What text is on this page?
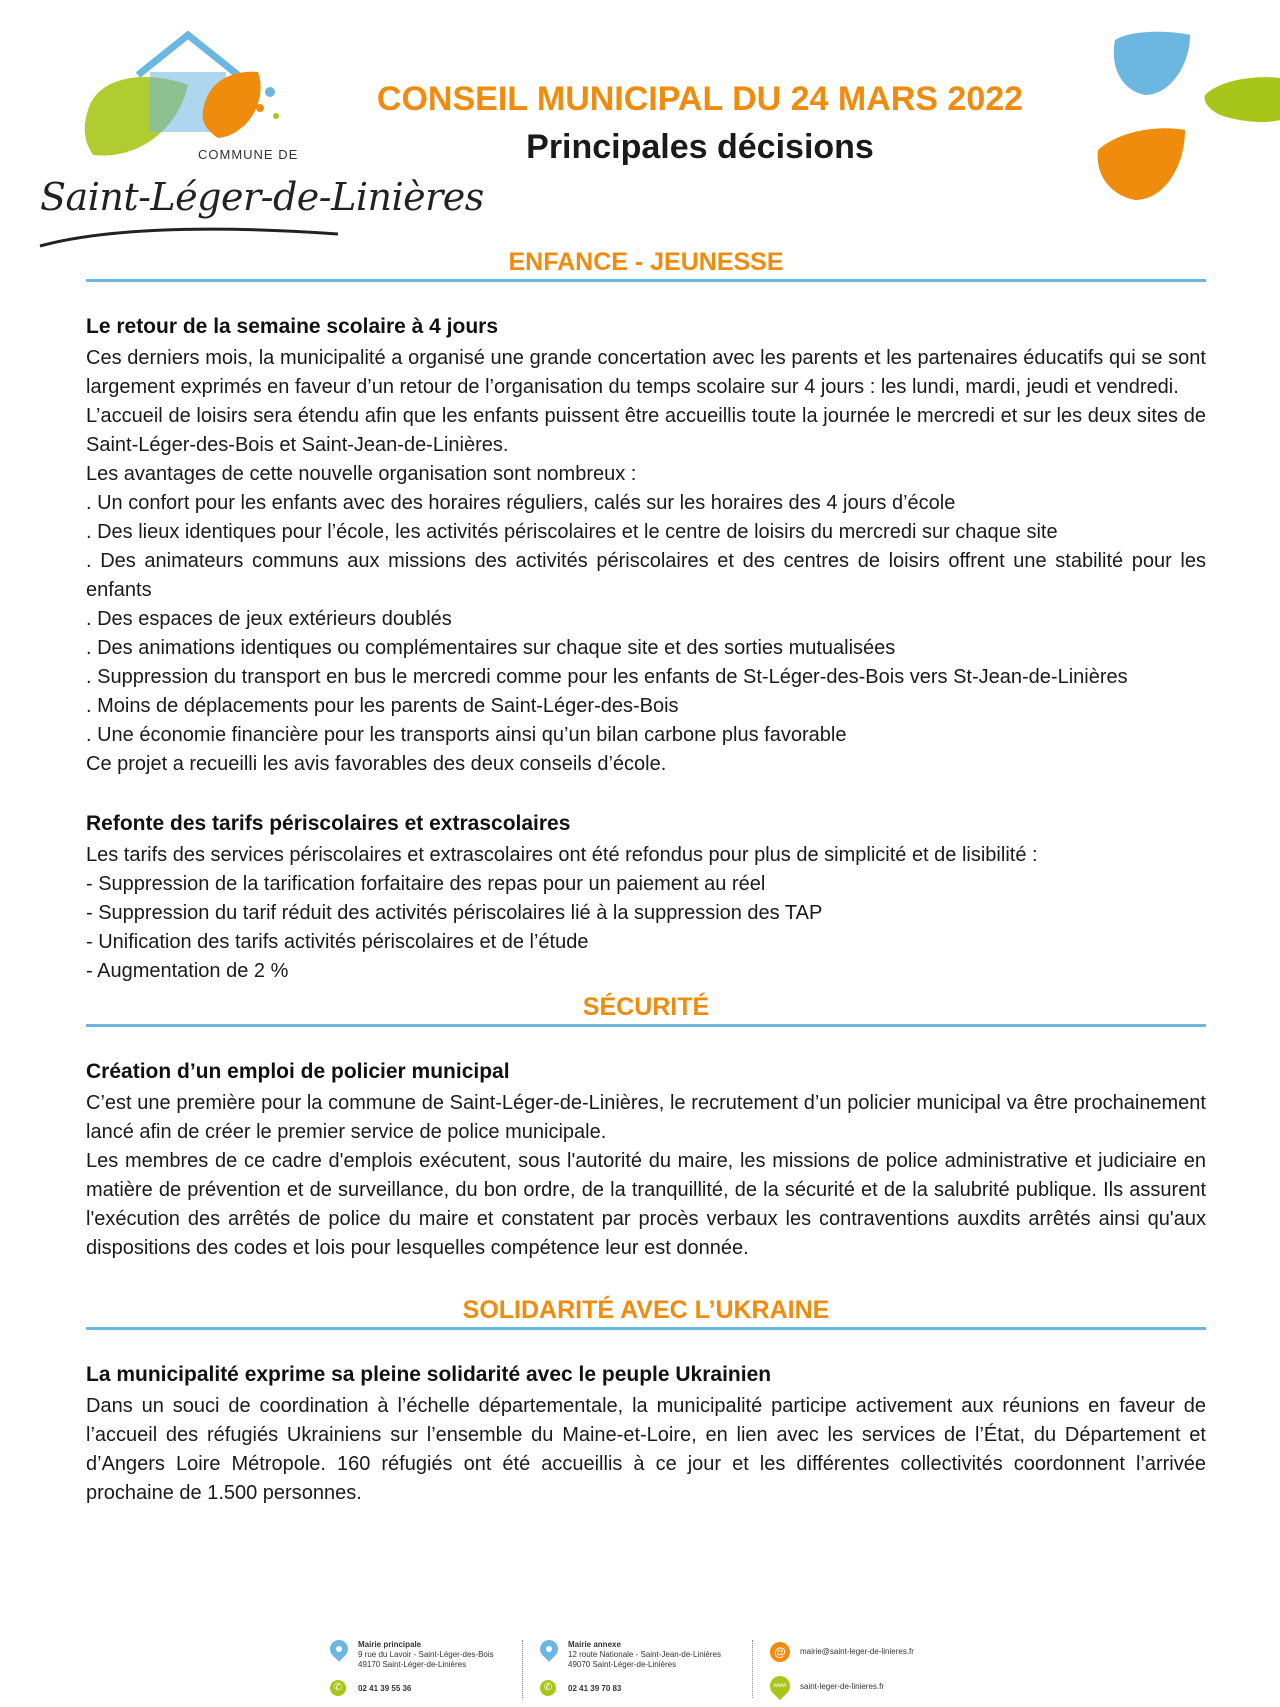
COMMUNE DE
Saint-Léger-de-Linières
CONSEIL MUNICIPAL DU 24 MARS 2022
Principales décisions
ENFANCE - JEUNESSE
Le retour de la semaine scolaire à 4 jours

Ces derniers mois, la municipalité a organisé une grande concertation avec les parents et les partenaires éducatifs qui se sont largement exprimés en faveur d’un retour de l’organisation du temps scolaire sur 4 jours : les lundi, mardi, jeudi et vendredi.

L’accueil de loisirs sera étendu afin que les enfants puissent être accueillis toute la journée le mercredi et sur les deux sites de Saint-Léger-des-Bois et Saint-Jean-de-Linières.

Les avantages de cette nouvelle organisation sont nombreux :

. Un confort pour les enfants avec des horaires réguliers, calés sur les horaires des 4 jours d’école

. Des lieux identiques pour l’école, les activités périscolaires et le centre de loisirs du mercredi sur chaque site

. Des animateurs communs aux missions des activités périscolaires et des centres de loisirs offrent une stabilité pour les enfants

. Des espaces de jeux extérieurs doublés

. Des animations identiques ou complémentaires sur chaque site et des sorties mutualisées

. Suppression du transport en bus le mercredi comme pour les enfants de St-Léger-des-Bois vers St-Jean-de-Linières

. Moins de déplacements pour les parents de Saint-Léger-des-Bois

. Une économie financière pour les transports ainsi qu’un bilan carbone plus favorable

Ce projet a recueilli les avis favorables des deux conseils d’école.

Refonte des tarifs périscolaires et extrascolaires

Les tarifs des services périscolaires et extrascolaires ont été refondus pour plus de simplicité et de lisibilité :

- Suppression de la tarification forfaitaire des repas pour un paiement au réel

- Suppression du tarif réduit des activités périscolaires lié à la suppression des TAP

- Unification des tarifs activités périscolaires et de l’étude

- Augmentation de 2 %

SÉCURITÉ
Création d’un emploi de policier municipal

C’est une première pour la commune de Saint-Léger-de-Linières, le recrutement d’un policier municipal va être prochainement lancé afin de créer le premier service de police municipale.

Les membres de ce cadre d'emplois exécutent, sous l'autorité du maire, les missions de police administrative et judiciaire en matière de prévention et de surveillance, du bon ordre, de la tranquillité, de la sécurité et de la salubrité publique. Ils assurent l'exécution des arrêtés de police du maire et constatent par procès verbaux les contraventions auxdits arrêtés ainsi qu'aux dispositions des codes et lois pour lesquelles compétence leur est donnée.

SOLIDARITÉ AVEC L’UKRAINE
La municipalité exprime sa pleine solidarité avec le peuple Ukrainien

Dans un souci de coordination à l’échelle départementale, la municipalité participe activement aux réunions en faveur de l’accueil des réfugiés Ukrainiens sur l’ensemble du Maine-et-Loire, en lien avec les services de l’État, du Département et d’Angers Loire Métropole. 160 réfugiés ont été accueillis à ce jour et les différentes collectivités coordonnent l’arrivée prochaine de 1.500 personnes.

Mairie principale
9 rue du Lavoir - Saint-Léger-des-Bois
49170 Saint-Léger-de-Linières
✆	02 41 39 55 36
Mairie annexe
12 route Nationale - Saint-Jean-de-Linières
49070 Saint-Léger-de-Linières
✆	02 41 39 70 83
@	mairie@saint-leger-de-linieres.fr
www	saint-leger-de-linieres.fr
